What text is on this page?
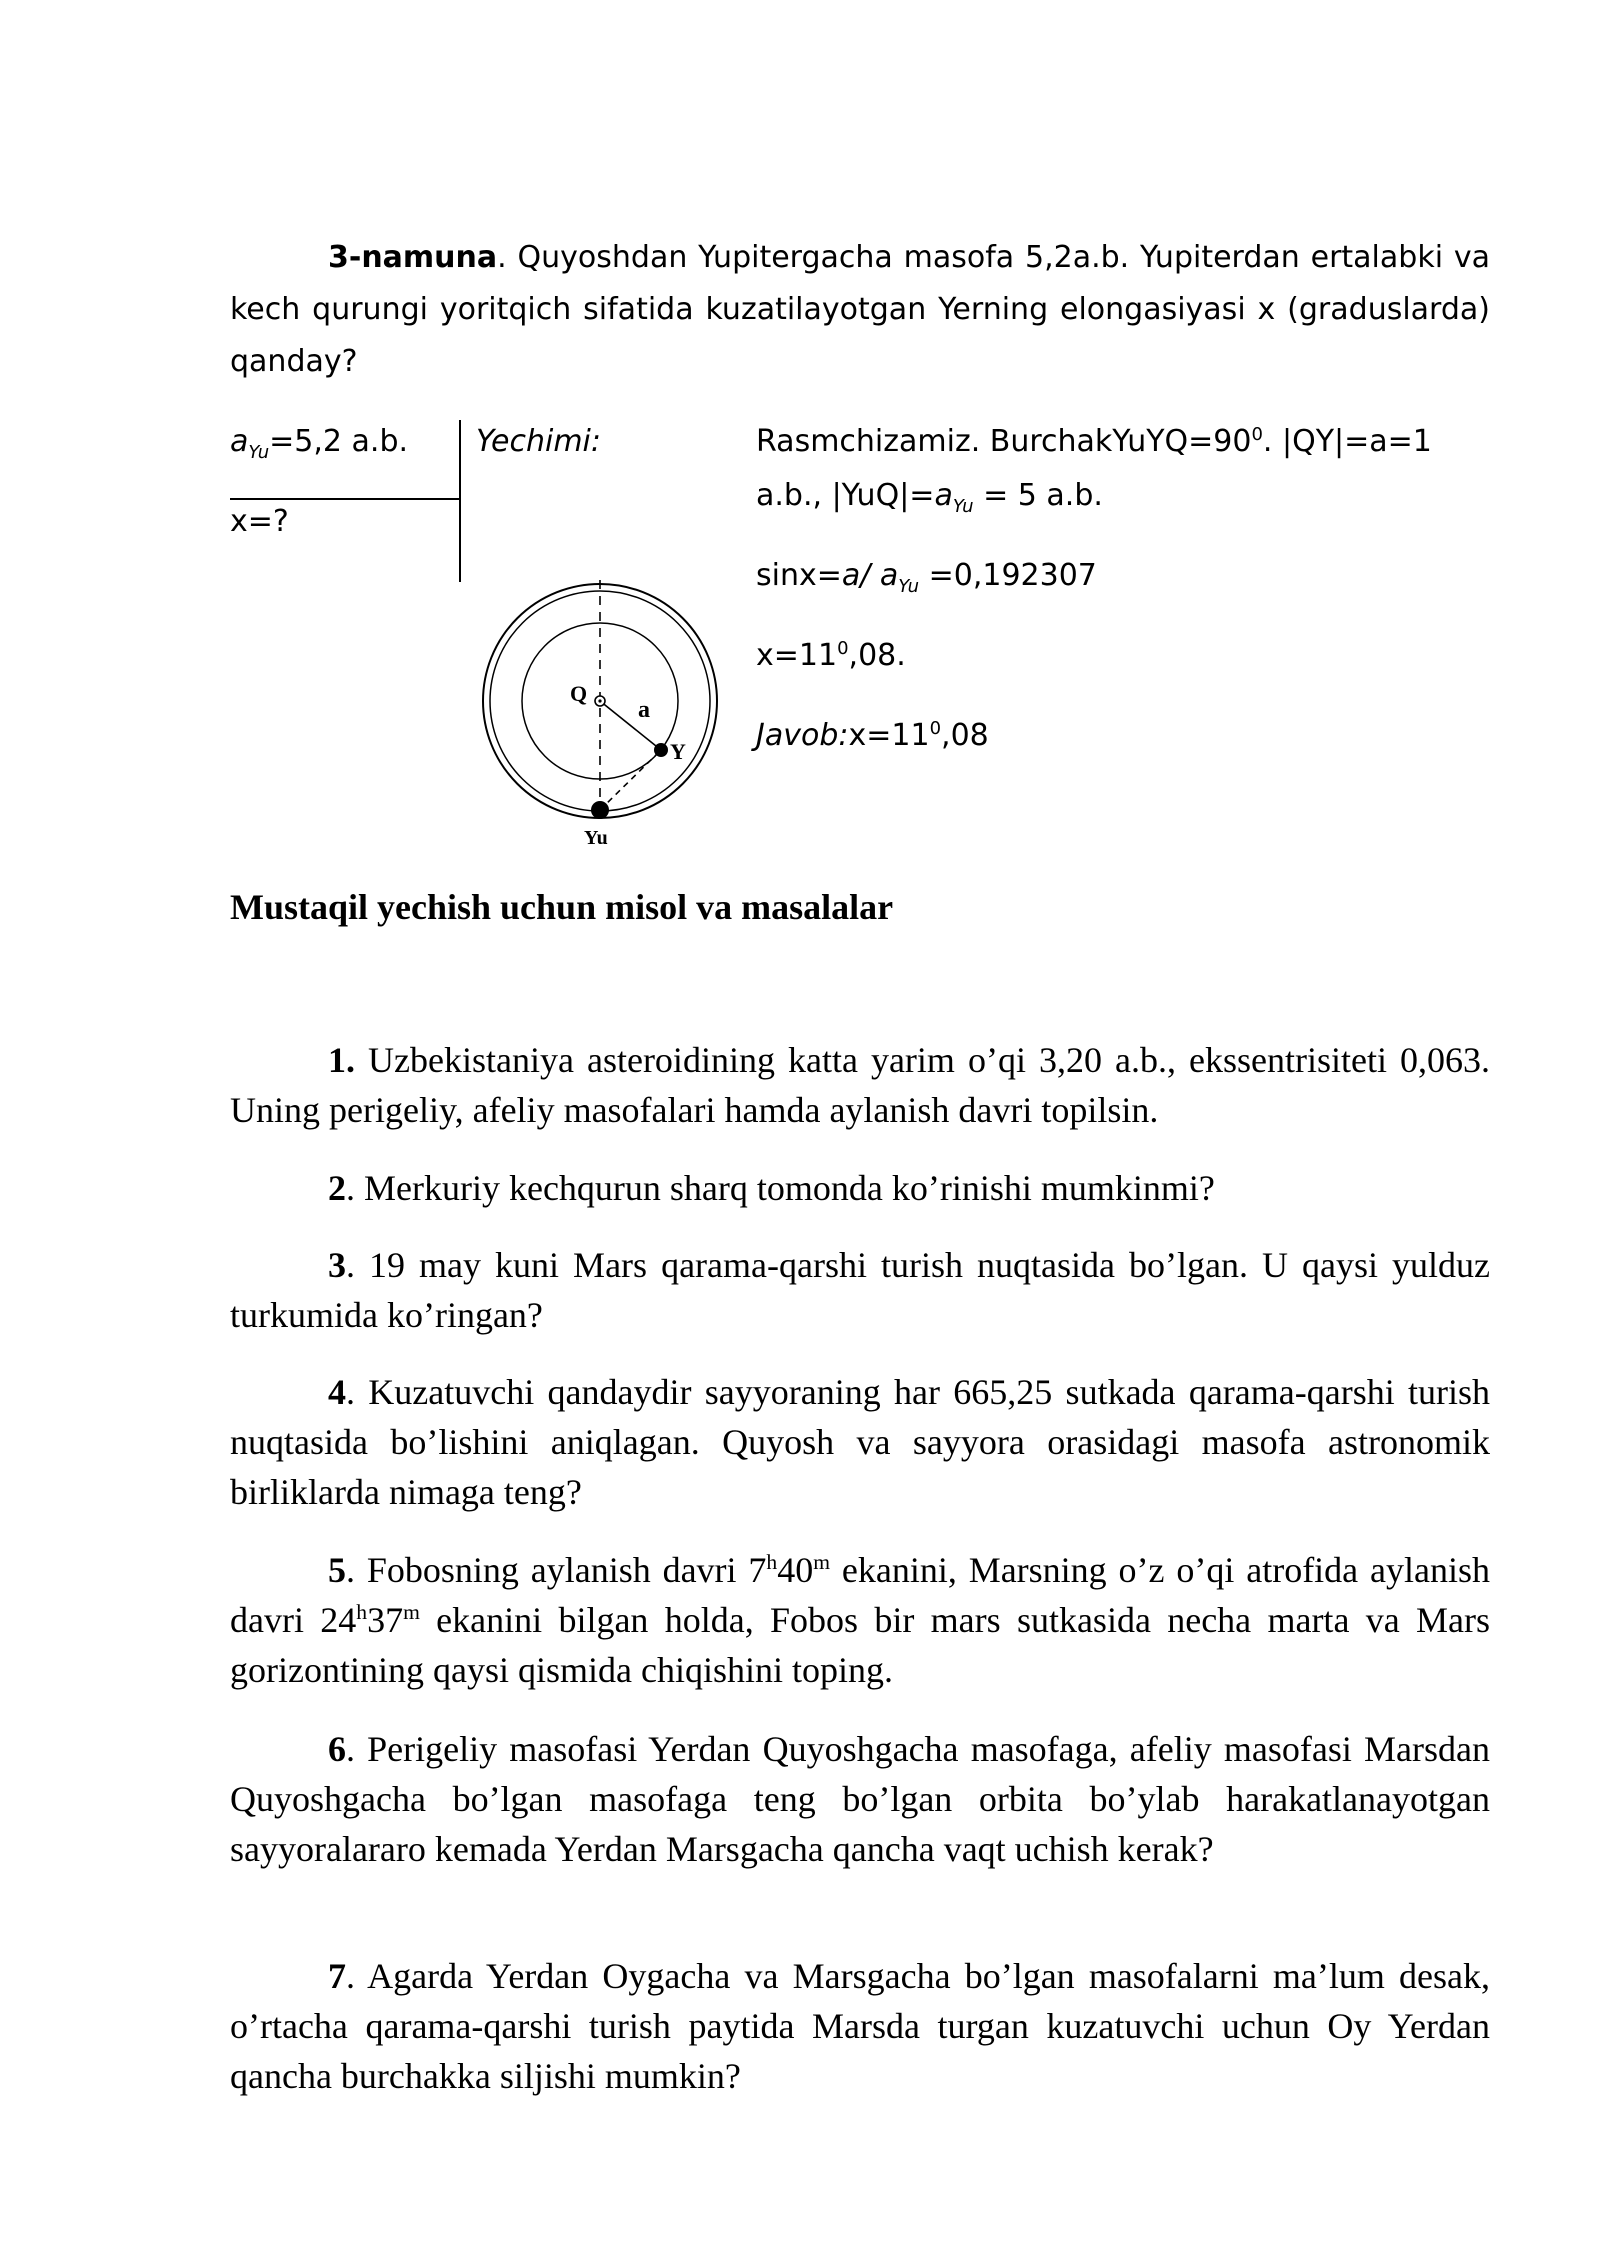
3-namuna. Quyoshdan Yupitergacha masofa 5,2a.b. Yupiterdan ertalabki va kech qurungi yoritqich sifatida kuzatilayotgan Yerning elongasiyasi x (graduslarda) qanday?
$a_{Yu}=5,2$ a.b.
x=?
Yechimi:	Rasmchizamiz. $BurchakYuYQ=90^0$. |QY|=a=1
a.b., $|YuQ|=a_{Yu} = 5$ a.b.
sinx=a/ $a_{Yu} =0,192307$
$x=11^0,08$.
$Javob:x=11^0,08$
Q
a
Y
Yu
Mustaqil yechish uchun misol va masalalar
1. Uzbekistaniya asteroidining katta yarim o’qi 3,20 a.b., ekssentrisiteti 0,063. Uning perigeliy, afeliy masofalari hamda aylanish davri topilsin.
2. Merkuriy kechqurun sharq tomonda ko’rinishi mumkinmi?
3. 19 may kuni Mars qarama-qarshi turish nuqtasida bo’lgan. U qaysi yulduz turkumida ko’ringan?
4. Kuzatuvchi qandaydir sayyoraning har 665,25 sutkada qarama-qarshi turish nuqtasida bo’lishini aniqlagan. Quyosh va sayyora orasidagi masofa astronomik birliklarda nimaga teng?
5. Fobosning aylanish davri 7$^h$40$^m$ ekanini, Marsning o’z o’qi atrofida aylanish davri 24$^h$37$^m$ ekanini bilgan holda, Fobos bir mars sutkasida necha marta va Mars gorizontining qaysi qismida chiqishini toping.
6. Perigeliy masofasi Yerdan Quyoshgacha masofaga, afeliy masofasi Marsdan Quyoshgacha bo’lgan masofaga teng bo’lgan orbita bo’ylab harakatlanayotgan sayyoralararo kemada Yerdan Marsgacha qancha vaqt uchish kerak?
7. Agarda Yerdan Oygacha va Marsgacha bo’lgan masofalarni ma’lum desak, o’rtacha qarama-qarshi turish paytida Marsda turgan kuzatuvchi uchun Oy Yerdan qancha burchakka siljishi mumkin?
